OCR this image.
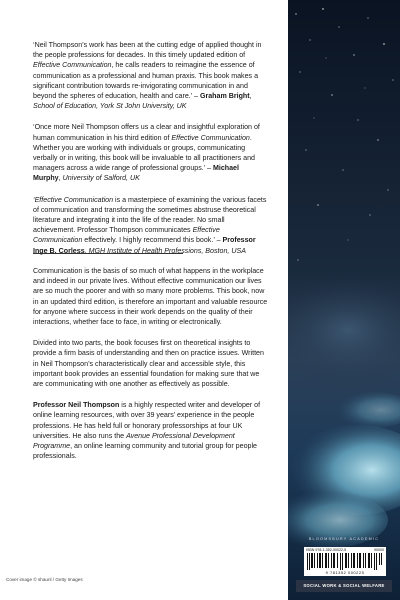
‘Neil Thompson’s work has been at the cutting edge of applied thought in the people professions for decades. In this timely updated edition of Effective Communication, he calls readers to reimagine the essence of communication as a professional and human praxis. This book makes a significant contribution towards re-invigorating communication in and beyond the spheres of education, health and care.’ – Graham Bright, School of Education, York St John University, UK

‘Once more Neil Thompson offers us a clear and insightful exploration of human communication in his third edition of Effective Communication. Whether you are working with individuals or groups, communicating verbally or in writing, this book will be invaluable to all practitioners and managers across a wide range of professional groups.’ – Michael Murphy, University of Salford, UK

‘Effective Communication is a masterpiece of examining the various facets of communication and transforming the sometimes abstruse theoretical literature and integrating it into the life of the reader. No small achievement. Professor Thompson communicates Effective Communication effectively. I highly recommend this book.’ – Professor Inge B. Corless, MGH Institute of Health Professions, Boston, USA

Communication is the basis of so much of what happens in the workplace and indeed in our private lives. Without effective communication our lives are so much the poorer and with so many more problems. This book, now in an updated third edition, is therefore an important and valuable resource for anyone where success in their work depends on the quality of their interactions, whether face to face, in writing or electronically.

Divided into two parts, the book focuses first on theoretical insights to provide a firm basis of understanding and then on practice issues. Written in Neil Thompson’s characteristically clear and accessible style, this important book provides an essential foundation for making sure that we are communicating with one another as effectively as possible.

Professor Neil Thompson is a highly respected writer and developer of online learning resources, with over 39 years’ experience in the people professions. He has held full or honorary professorships at four UK universities. He also runs the Avenue Professional Development Programme, an online learning community and tutorial group for people professionals.

Cover image © shaunl / Getty Images
BLOOMSBURY ACADEMIC
ISBN 978-1-352-00022-5	90000
9 781352 000225
SOCIAL WORK & SOCIAL WELFARE
